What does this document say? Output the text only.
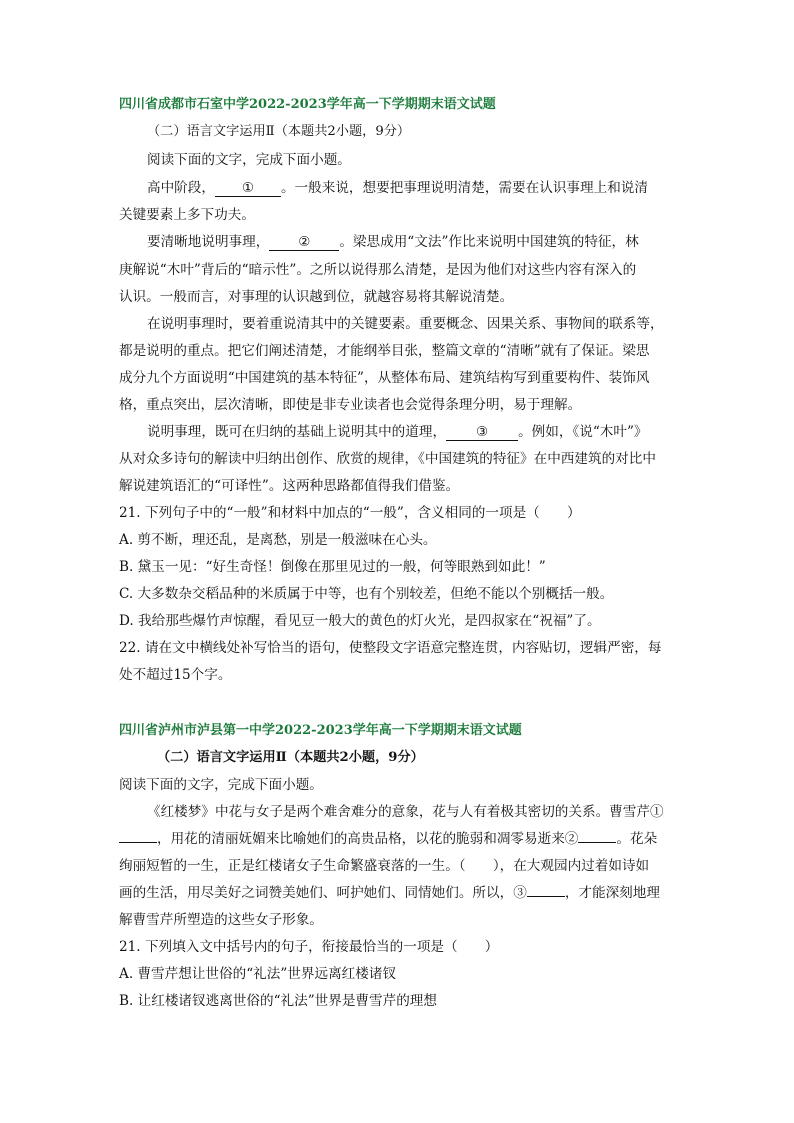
四川省成都市石室中学2022-2023学年高一下学期期末语文试题
（二）语言文字运用Ⅱ（本题共2小题，9分）
阅读下面的文字，完成下面小题。
高中阶段， ① 。一般来说，想要把事理说明清楚，需要在认识事理上和说清
关键要素上多下功夫。
要清晰地说明事理， ② 。梁思成用“文法”作比来说明中国建筑的特征，林
庚解说“木叶”背后的“暗示性”。之所以说得那么清楚，是因为他们对这些内容有深入的
认识。一般而言，对事理的认识越到位，就越容易将其解说清楚。
在说明事理时，要着重说清其中的关键要素。重要概念、因果关系、事物间的联系等，
都是说明的重点。把它们阐述清楚，才能纲举目张，整篇文章的“清晰”就有了保证。梁思
成分九个方面说明“中国建筑的基本特征”，从整体布局、建筑结构写到重要构件、装饰风
格，重点突出，层次清晰，即使是非专业读者也会觉得条理分明，易于理解。
说明事理，既可在归纳的基础上说明其中的道理， ③ 。例如，《说“木叶”》
从对众多诗句的解读中归纳出创作、欣赏的规律，《中国建筑的特征》在中西建筑的对比中
解说建筑语汇的“可译性”。这两种思路都值得我们借鉴。
21. 下列句子中的“一般”和材料中加点的“一般”，含义相同的一项是（　　）
A. 剪不断，理还乱，是离愁，别是一般滋味在心头。
B. 黛玉一见：“好生奇怪！倒像在那里见过的一般，何等眼熟到如此！”
C. 大多数杂交稻品种的米质属于中等，也有个别较差，但绝不能以个别概括一般。
D. 我给那些爆竹声惊醒，看见豆一般大的黄色的灯火光，是四叔家在“祝福”了。
22. 请在文中横线处补写恰当的语句，使整段文字语意完整连贯，内容贴切，逻辑严密，每
处不超过15个字。
四川省泸州市泸县第一中学2022-2023学年高一下学期期末语文试题
（二）语言文字运用Ⅱ（本题共2小题，9分）
阅读下面的文字，完成下面小题。
《红楼梦》中花与女子是两个难舍难分的意象，花与人有着极其密切的关系。曹雪芹①
，用花的清丽妩媚来比喻她们的高贵品格，以花的脆弱和凋零易逝来②	。花朵
绚丽短暂的一生，正是红楼诸女子生命繁盛衰落的一生。（　　），在大观园内过着如诗如
画的生活，用尽美好之词赞美她们、呵护她们、同情她们。所以，③	，才能深刻地理
解曹雪芹所塑造的这些女子形象。
21. 下列填入文中括号内的句子，衔接最恰当的一项是（　　）
A. 曹雪芹想让世俗的“礼法”世界远离红楼诸钗
B. 让红楼诸钗逃离世俗的“礼法”世界是曹雪芹的理想
